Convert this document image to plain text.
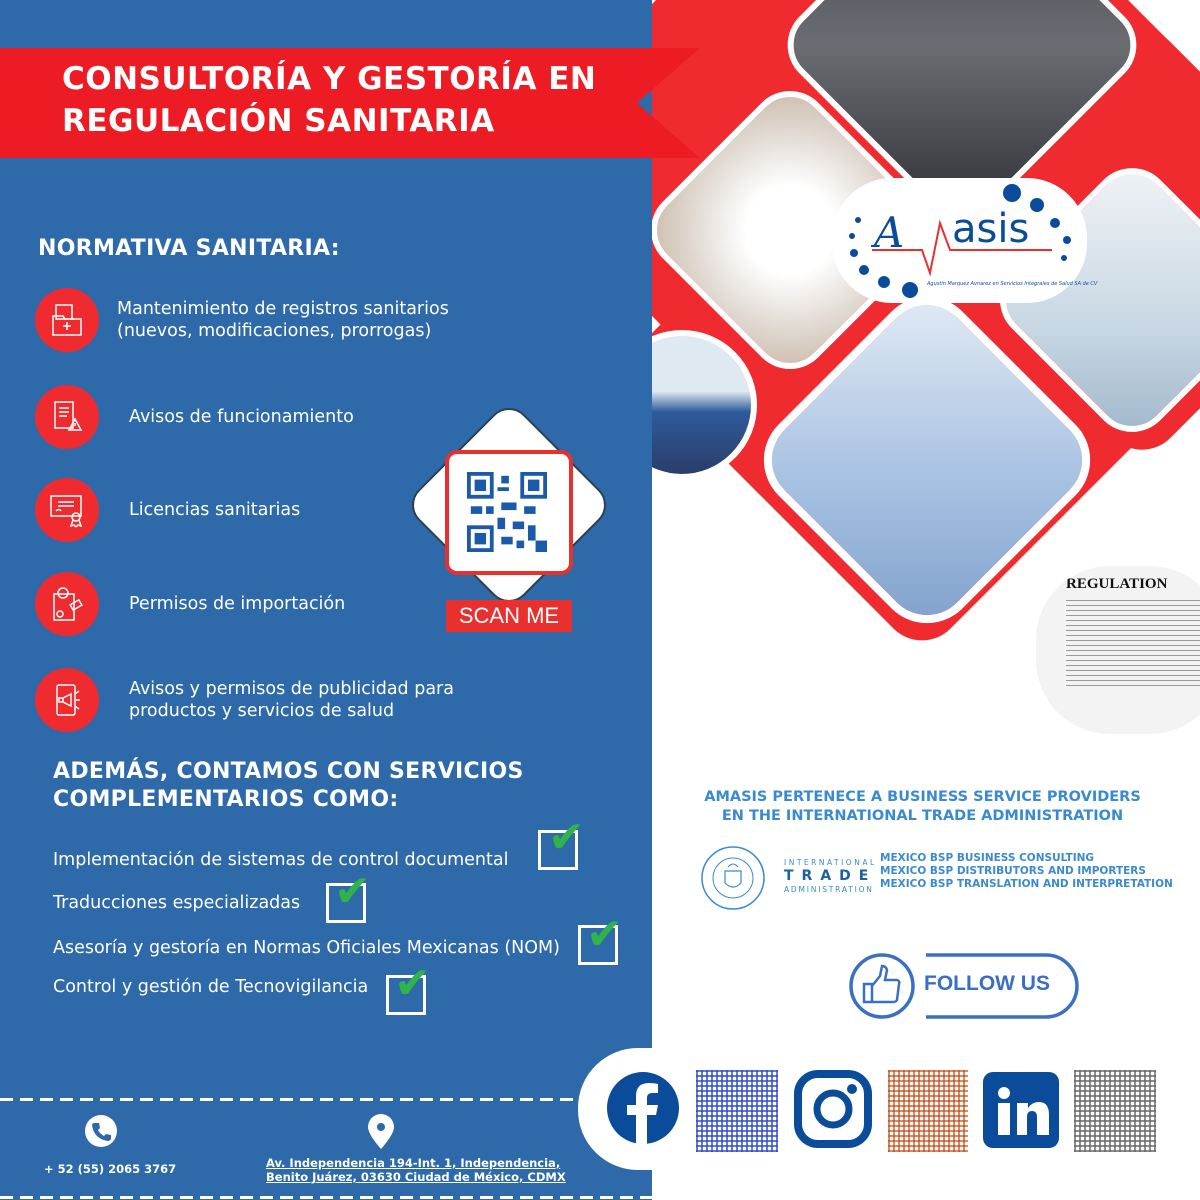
REGULATION
A asis
Agustín Marquez Avnarez en Servicios Integrales de Salud SA de CV
CONSULTORÍA Y GESTORÍA EN
REGULACIÓN SANITARIA
NORMATIVA SANITARIA:
Mantenimiento de registros sanitarios
(nuevos, modificaciones, prorrogas)
Avisos de funcionamiento
Licencias sanitarias
Permisos de importación
Avisos y permisos de publicidad para
productos y servicios de salud
SCAN ME
ADEMÁS, CONTAMOS CON SERVICIOS
COMPLEMENTARIOS COMO:
Implementación de sistemas de control documental ✔
Traducciones especializadas ✔
Asesoría y gestoría en Normas Oficiales Mexicanas (NOM) ✔
Control y gestión de Tecnovigilancia ✔
AMASIS PERTENECE A BUSINESS SERVICE PROVIDERS
EN THE INTERNATIONAL TRADE ADMINISTRATION
INTERNATIONAL
TRADE
ADMINISTRATION
MEXICO BSP BUSINESS CONSULTING
MEXICO BSP DISTRIBUTORS AND IMPORTERS
MEXICO BSP TRANSLATION AND INTERPRETATION
FOLLOW US
+ 52 (55) 2065 3767	Av. Independencia 194-Int. 1, Independencia,
Benito Juárez, 03630 Ciudad de México, CDMX
